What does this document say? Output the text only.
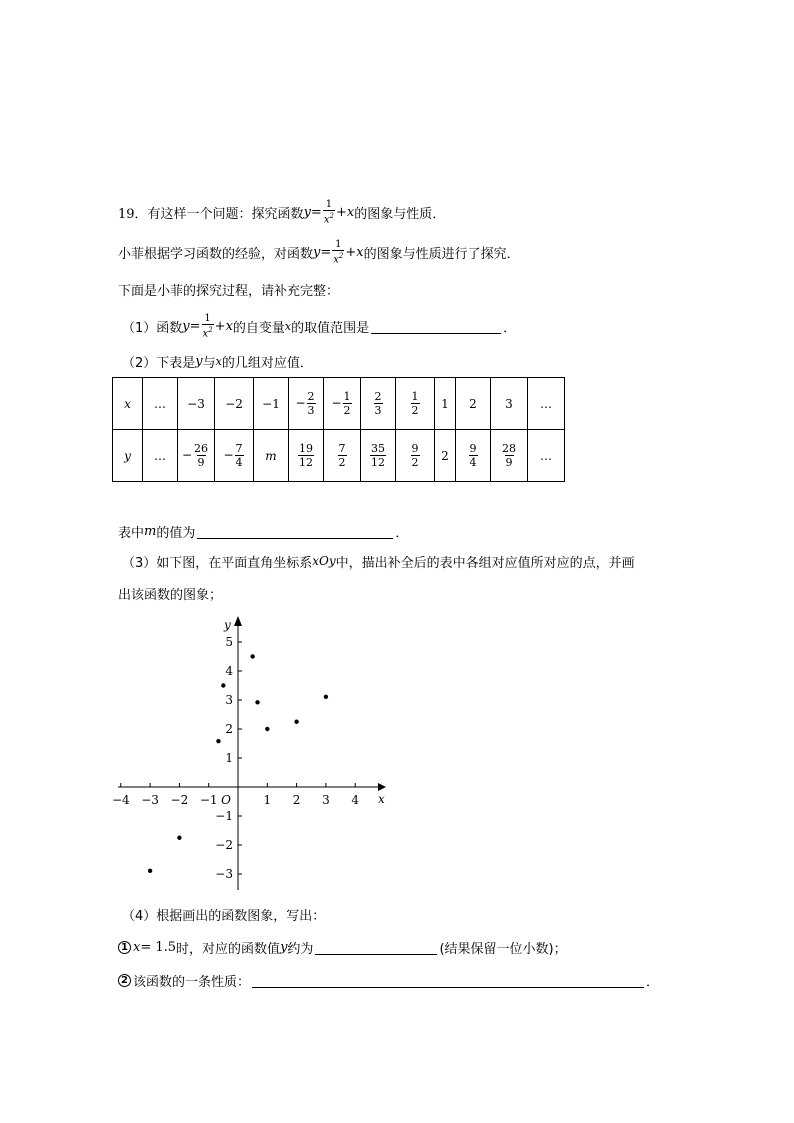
19． 有这样一个问题：探究函数 $y = \frac{1}{x^2} + x$ 的图象与性质．
小菲根据学习函数的经验，对函数 $y = \frac{1}{x^2} + x$ 的图象与性质进行了探究．
下面是小菲的探究过程，请补充完整：
（1）函数 $y = \frac{1}{x^2} + x$ 的自变量 x 的取值范围是	．
（2）下表是 y 与 x 的几组对应值．
x	…	−3	−2	−1	− $\frac{2}{3}$	− $\frac{1}{2}$	$\frac{2}{3}$	$\frac{1}{2}$	1	2	3	…
y	…	− $\frac{26}{9}$	− $\frac{7}{4}$	m	$\frac{19}{12}$	$\frac{7}{2}$	$\frac{35}{12}$	$\frac{9}{2}$	2	$\frac{9}{4}$	$\frac{28}{9}$	…
表中 m 的值为	．
（3）如下图，在平面直角坐标系 xOy 中，描出补全后的表中各组对应值所对应的点，并画
出该函数的图象；
−4 −3 −2 −1	1 2 3 4
5
4
3
2
1
−1
−2
−3
O	x
y
（4）根据画出的函数图象，写出：
1 x = 1.5 时，对应的函数值 y 约为	(结果保留一位小数)；
2 该函数的一条性质：	．
